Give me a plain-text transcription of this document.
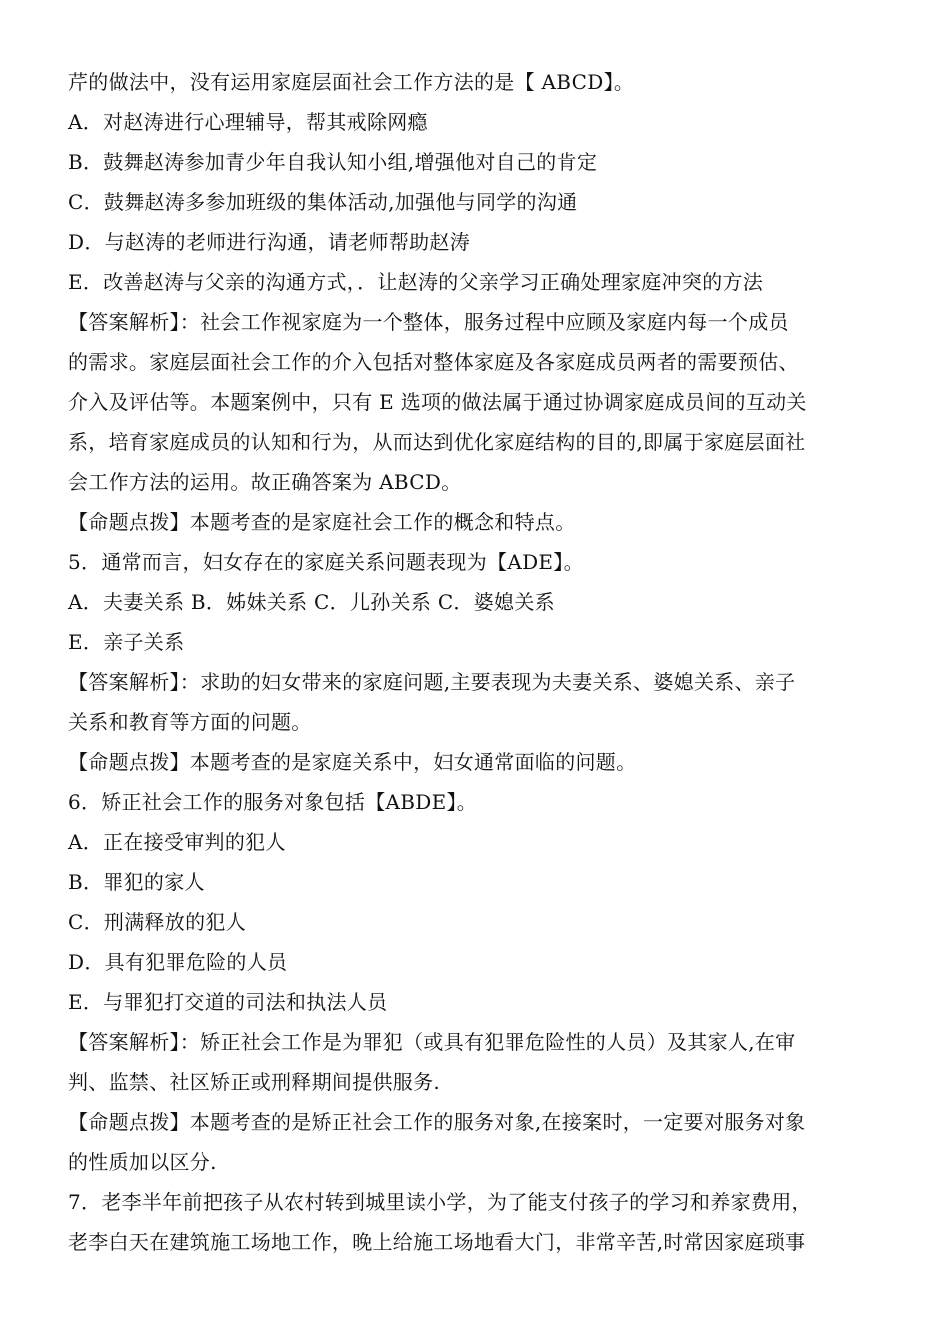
芹的做法中，没有运用家庭层面社会工作方法的是【 ABCD】。
A．对赵涛进行心理辅导，帮其戒除网瘾
B．鼓舞赵涛参加青少年自我认知小组,增强他对自己的肯定
C．鼓舞赵涛多参加班级的集体活动,加强他与同学的沟通
D．与赵涛的老师进行沟通，请老师帮助赵涛
E．改善赵涛与父亲的沟通方式，．让赵涛的父亲学习正确处理家庭冲突的方法
【答案解析】：社会工作视家庭为一个整体，服务过程中应顾及家庭内每一个成员
的需求。家庭层面社会工作的介入包括对整体家庭及各家庭成员两者的需要预估、
介入及评估等。本题案例中，只有 E 选项的做法属于通过协调家庭成员间的互动关
系，培育家庭成员的认知和行为，从而达到优化家庭结构的目的,即属于家庭层面社
会工作方法的运用。故正确答案为 ABCD。
【命题点拨】本题考查的是家庭社会工作的概念和特点。
5．通常而言，妇女存在的家庭关系问题表现为【ADE】。
A．夫妻关系 B．姊妹关系 C．儿孙关系 C．婆媳关系
E．亲子关系
【答案解析】：求助的妇女带来的家庭问题,主要表现为夫妻关系、婆媳关系、亲子
关系和教育等方面的问题。
【命题点拨】本题考查的是家庭关系中，妇女通常面临的问题。
6．矫正社会工作的服务对象包括【ABDE】。
A．正在接受审判的犯人
B．罪犯的家人
C．刑满释放的犯人
D．具有犯罪危险的人员
E．与罪犯打交道的司法和执法人员
【答案解析】：矫正社会工作是为罪犯（或具有犯罪危险性的人员）及其家人,在审
判、监禁、社区矫正或刑释期间提供服务.
【命题点拨】本题考查的是矫正社会工作的服务对象,在接案时，一定要对服务对象
的性质加以区分.
7．老李半年前把孩子从农村转到城里读小学，为了能支付孩子的学习和养家费用，
老李白天在建筑施工场地工作，晚上给施工场地看大门，非常辛苦,时常因家庭琐事
